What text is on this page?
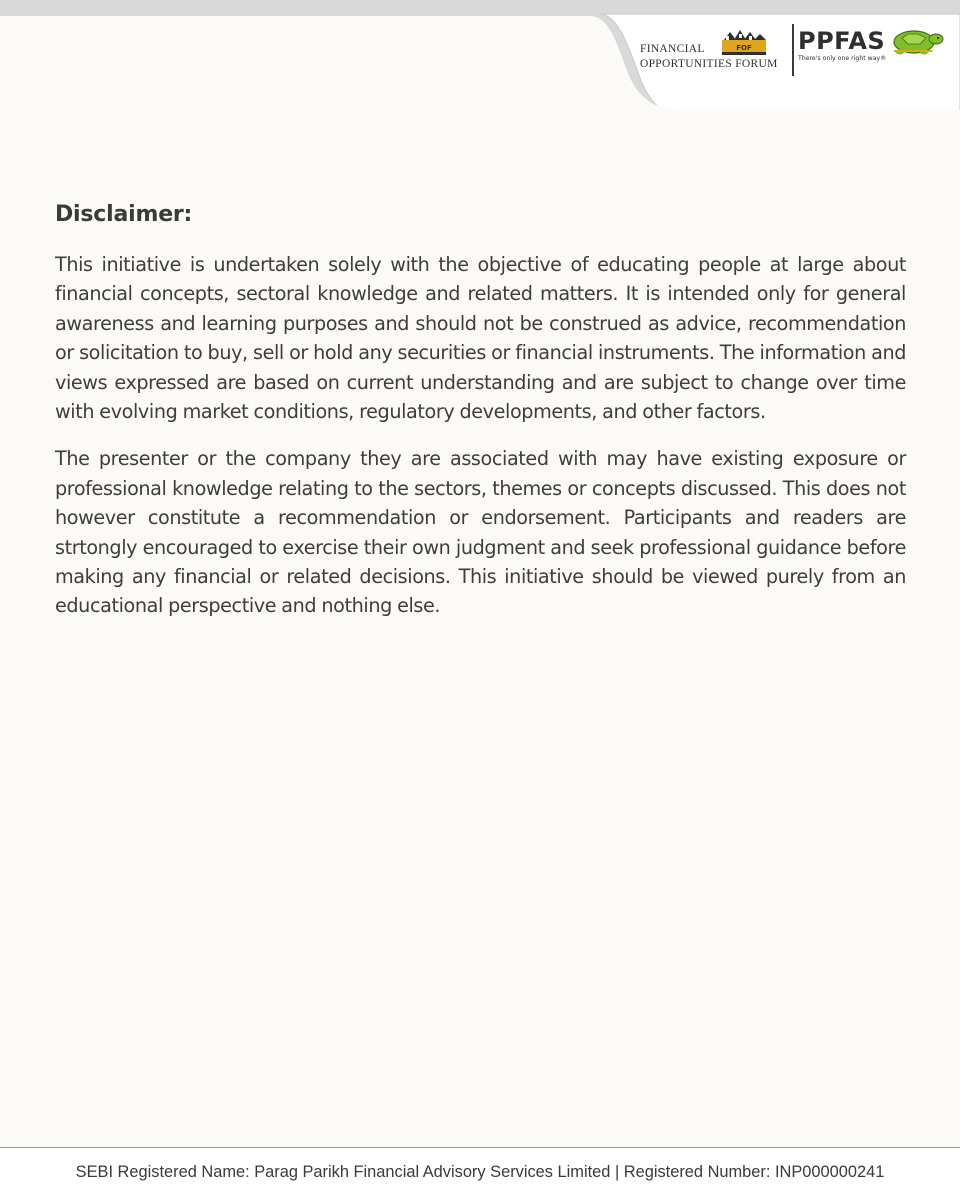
FINANCIAL
OPPORTUNITIES FORUM
FOF PPFAS
There's only one right way®
Disclaimer:

This initiative is undertaken solely with the objective of educating people at large about financial concepts, sectoral knowledge and related matters. It is intended only for general awareness and learning purposes and should not be construed as advice, recommendation or solicitation to buy, sell or hold any securities or financial instruments. The information and views expressed are based on current understanding and are subject to change over time with evolving market conditions, regulatory developments, and other factors.

The presenter or the company they are associated with may have existing exposure or professional knowledge relating to the sectors, themes or concepts discussed. This does not however constitute a recommendation or endorsement. Participants and readers are strtongly encouraged to exercise their own judgment and seek professional guidance before making any financial or related decisions. This initiative should be viewed purely from an educational perspective and nothing else.

SEBI Registered Name: Parag Parikh Financial Advisory Services Limited | Registered Number: INP000000241
